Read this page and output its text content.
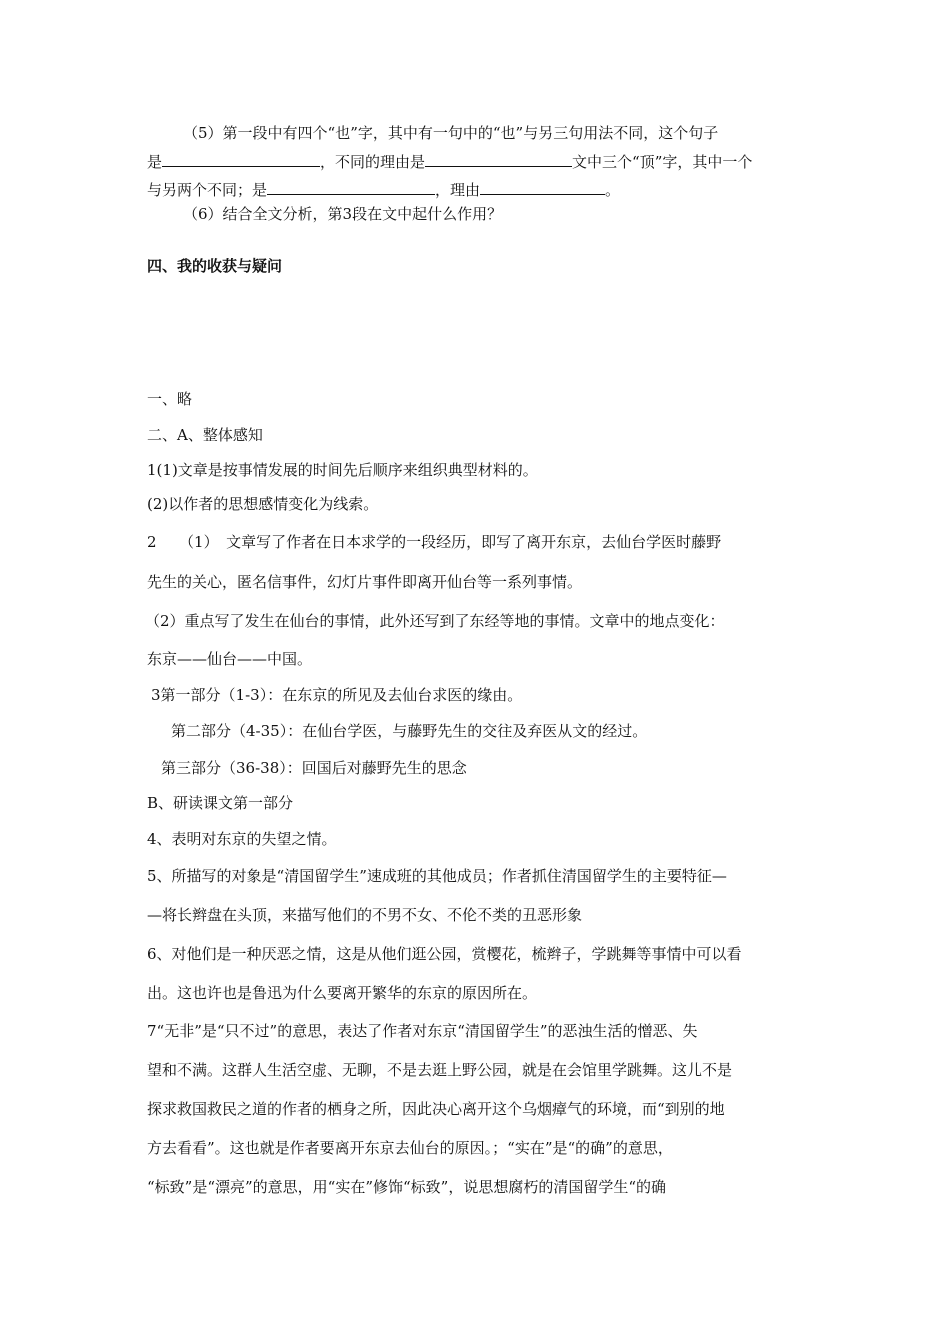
（5）第一段中有四个“也”字，其中有一句中的“也”与另三句用法不同，这个句子
是	，不同的理由是	文中三个“顶”字，其中一个
与另两个不同；是	，理由	。
（6）结合全文分析，第3段在文中起什么作用？
四、我的收获与疑问
一、略
二、A、整体感知
1(1)文章是按事情发展的时间先后顺序来组织典型材料的。
(2)以作者的思想感情变化为线索。
2　　（1）　文章写了作者在日本求学的一段经历，即写了离开东京，去仙台学医时藤野
先生的关心，匿名信事件，幻灯片事件即离开仙台等一系列事情。
（2）重点写了发生在仙台的事情，此外还写到了东经等地的事情。文章中的地点变化：
东京——仙台——中国。
3第一部分（1-3）：在东京的所见及去仙台求医的缘由。
第二部分（4-35）：在仙台学医，与藤野先生的交往及弃医从文的经过。
第三部分（36-38）：回国后对藤野先生的思念
B、研读课文第一部分
4、表明对东京的失望之情。
5、所描写的对象是“清国留学生”速成班的其他成员；作者抓住清国留学生的主要特征—
—将长辫盘在头顶，来描写他们的不男不女、不伦不类的丑恶形象
6、对他们是一种厌恶之情，这是从他们逛公园，赏樱花，梳辫子，学跳舞等事情中可以看
出。这也许也是鲁迅为什么要离开繁华的东京的原因所在。
7“无非”是“只不过”的意思，表达了作者对东京“清国留学生”的恶浊生活的憎恶、失
望和不满。这群人生活空虚、无聊，不是去逛上野公园，就是在会馆里学跳舞。这儿不是
探求救国救民之道的作者的栖身之所，因此决心离开这个乌烟瘴气的环境，而“到别的地
方去看看”。这也就是作者要离开东京去仙台的原因。；“实在”是“的确”的意思，
“标致”是“漂亮”的意思，用“实在”修饰“标致”，说思想腐朽的清国留学生“的确
